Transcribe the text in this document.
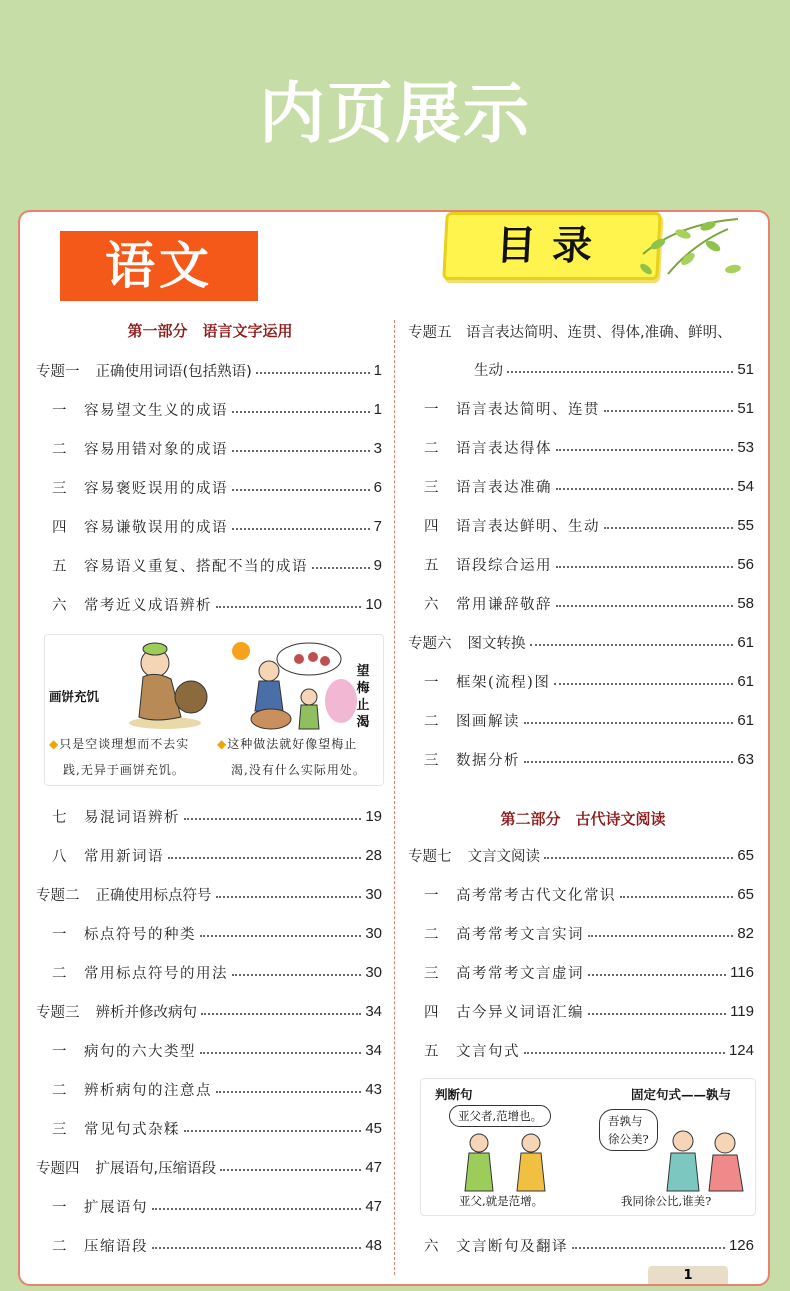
内页展示
语文	目录
第一部分　语言文字运用
专题一 正确使用词语(包括熟语)	1
一	容易望文生义的成语	1
二	容易用错对象的成语	3
三	容易褒贬误用的成语	6
四	容易谦敬误用的成语	7
五	容易语义重复、搭配不当的成语	9
六	常考近义成语辨析	10
画饼充饥
望梅止渴
◆只是空谈理想而不去实
践,无异于画饼充饥。
◆这种做法就好像望梅止
渴,没有什么实际用处。
七	易混词语辨析	19
八	常用新词语	28
专题二 正确使用标点符号	30
一	标点符号的种类	30
二	常用标点符号的用法	30
专题三 辨析并修改病句	34
一	病句的六大类型	34
二	辨析病句的注意点	43
三	常见句式杂糅	45
专题四 扩展语句,压缩语段	47
一	扩展语句	47
二	压缩语段	48
专题五　语言表达简明、连贯、得体,准确、鲜明、
生动	51
一	语言表达简明、连贯	51
二	语言表达得体	53
三	语言表达准确	54
四	语言表达鲜明、生动	55
五	语段综合运用	56
六	常用谦辞敬辞	58
专题六 图文转换	61
一	框架(流程)图	61
二	图画解读	61
三	数据分析	63
第二部分　古代诗文阅读
专题七 文言文阅读	65
一	高考常考古代文化常识	65
二	高考常考文言实词	82
三	高考常考文言虚词	116
四	古今异义词语汇编	119
五	文言句式	124
判断句	固定句式——孰与
亚父者,范增也。	吾孰与
徐公美?
亚父,就是范增。	我同徐公比,谁美?
六	文言断句及翻译	126
1
